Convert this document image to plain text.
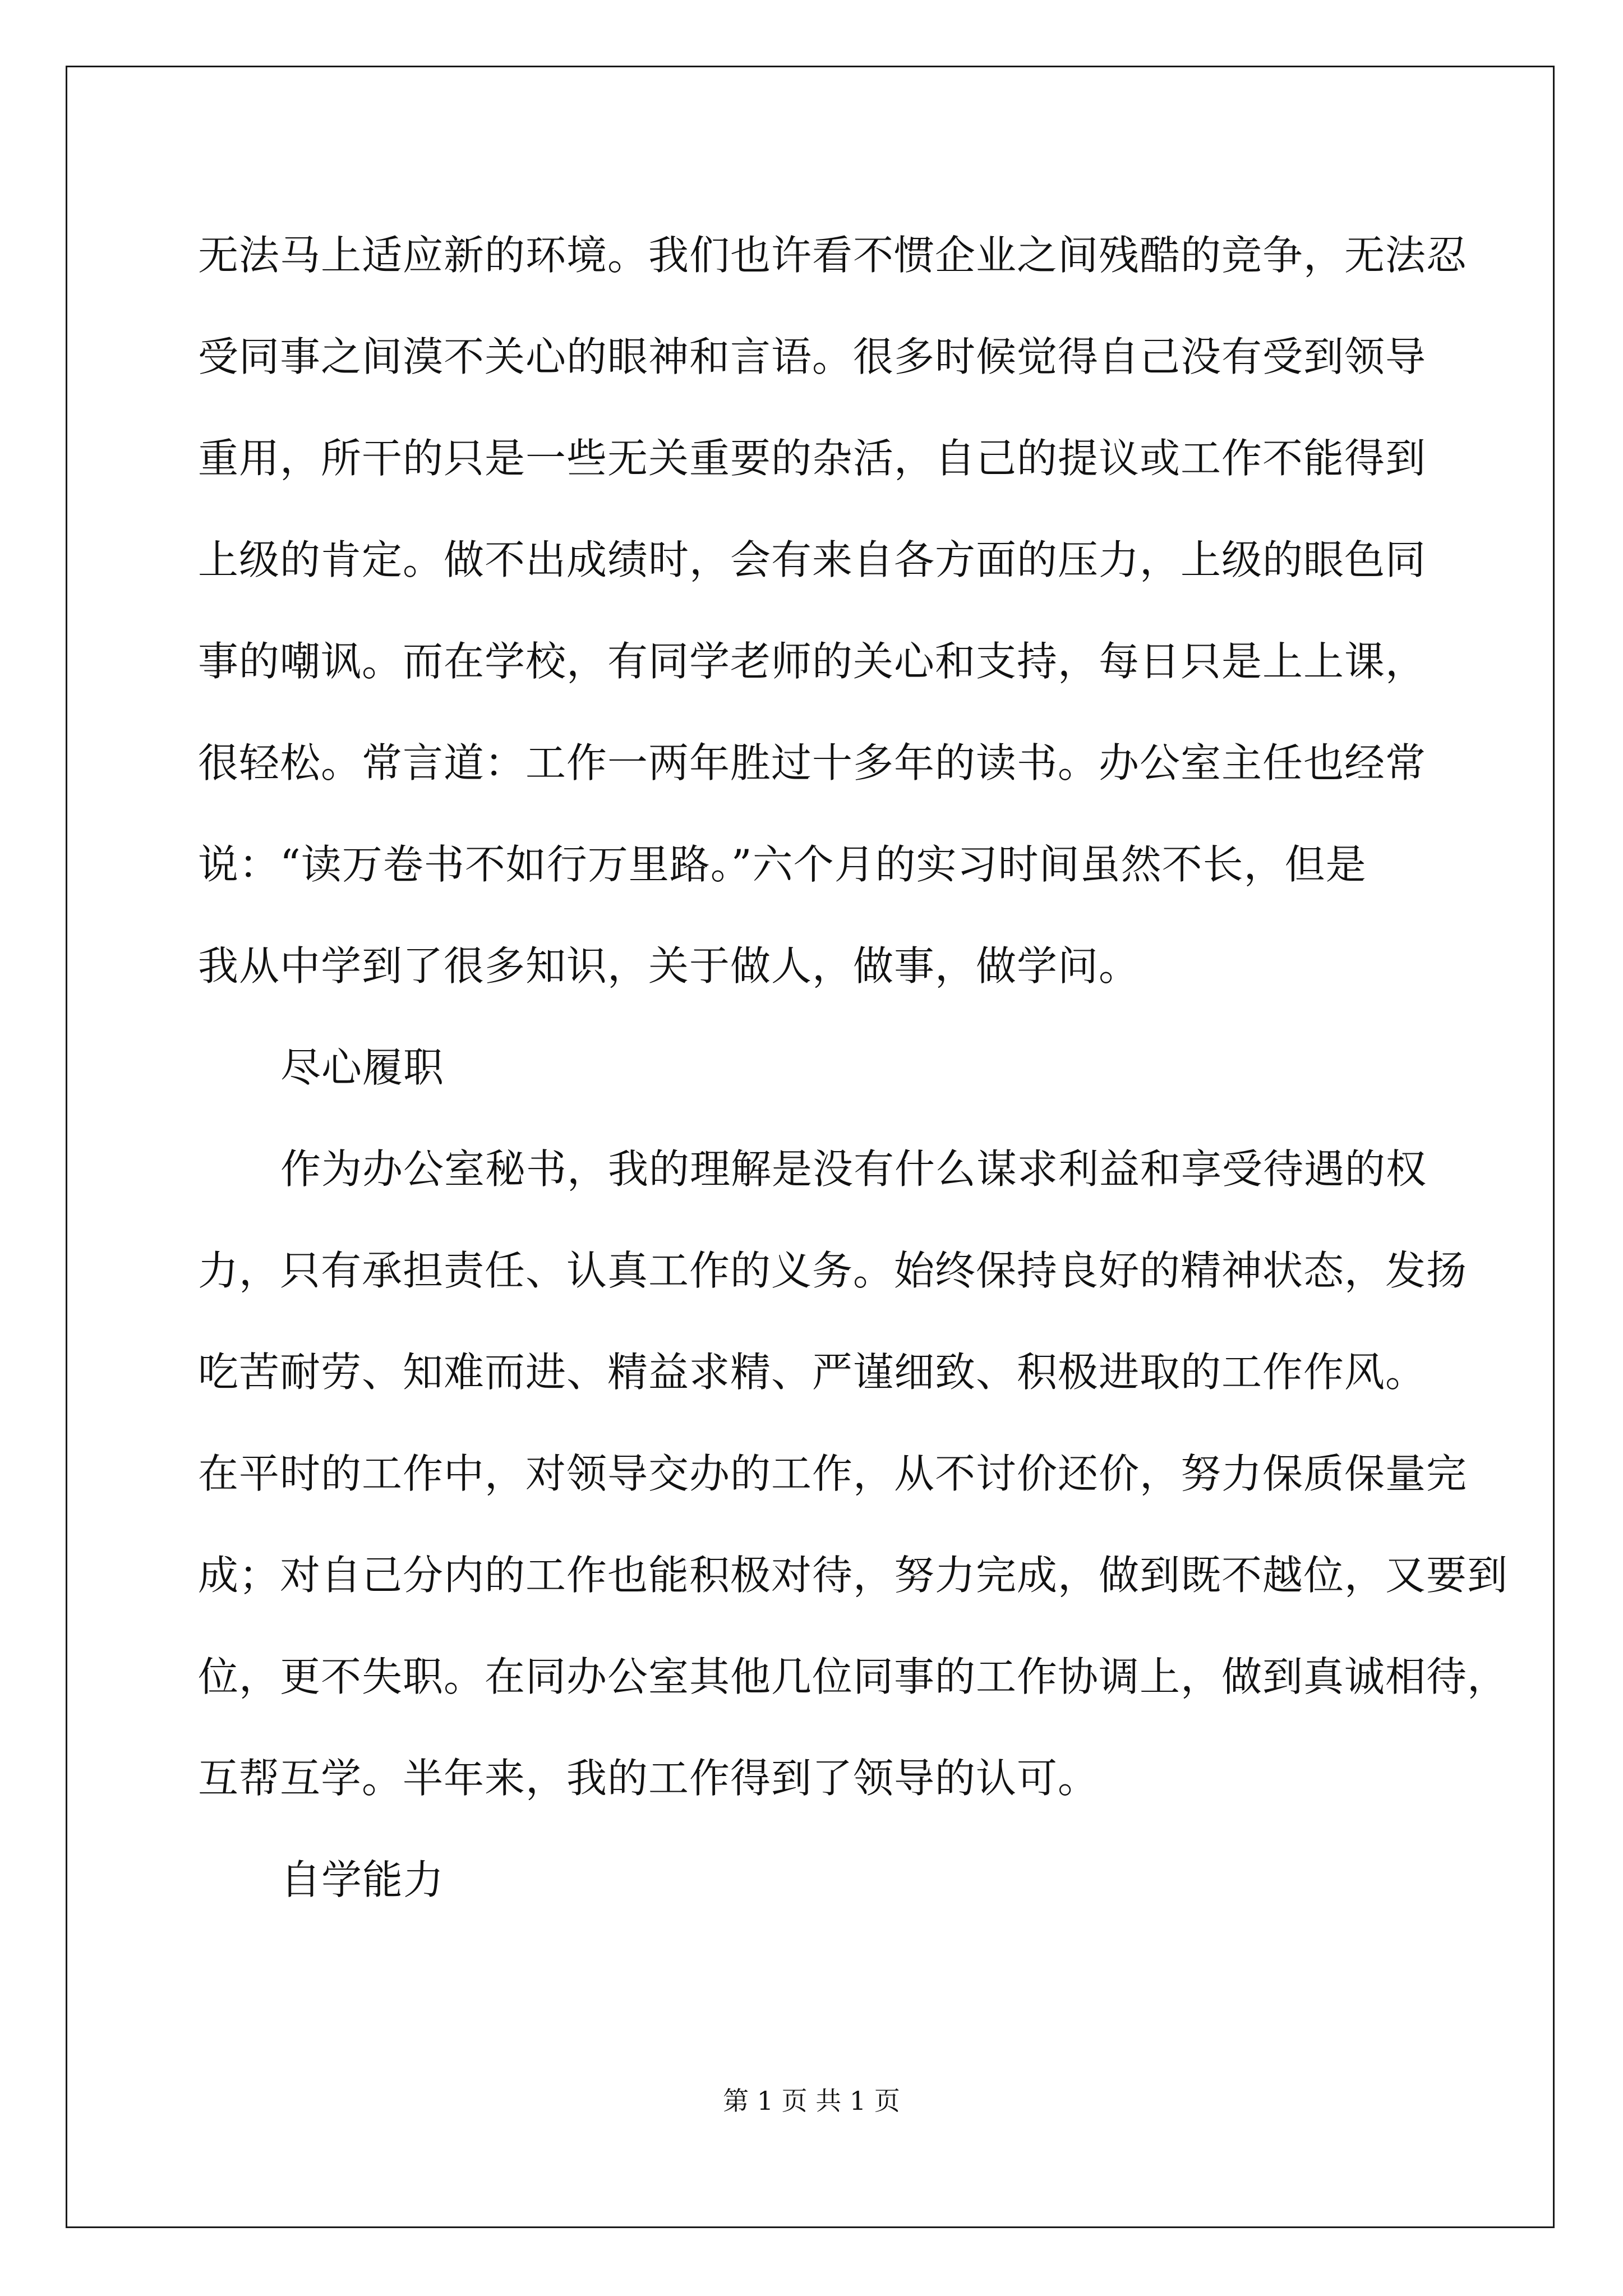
无法马上适应新的环境。我们也许看不惯企业之间残酷的竞争，无法忍
受同事之间漠不关心的眼神和言语。很多时候觉得自己没有受到领导
重用，所干的只是一些无关重要的杂活，自己的提议或工作不能得到
上级的肯定。做不出成绩时，会有来自各方面的压力，上级的眼色同
事的嘲讽。而在学校，有同学老师的关心和支持，每日只是上上课，
很轻松。常言道：工作一两年胜过十多年的读书。办公室主任也经常
说：“读万卷书不如行万里路。”六个月的实习时间虽然不长，但是
我从中学到了很多知识，关于做人，做事，做学问。
尽心履职
作为办公室秘书，我的理解是没有什么谋求利益和享受待遇的权
力，只有承担责任、认真工作的义务。始终保持良好的精神状态，发扬
吃苦耐劳、知难而进、精益求精、严谨细致、积极进取的工作作风。
在平时的工作中，对领导交办的工作，从不讨价还价，努力保质保量完
成；对自己分内的工作也能积极对待，努力完成，做到既不越位，又要到
位，更不失职。在同办公室其他几位同事的工作协调上，做到真诚相待，
互帮互学。半年来，我的工作得到了领导的认可。
自学能力
第 1 页 共 1 页
